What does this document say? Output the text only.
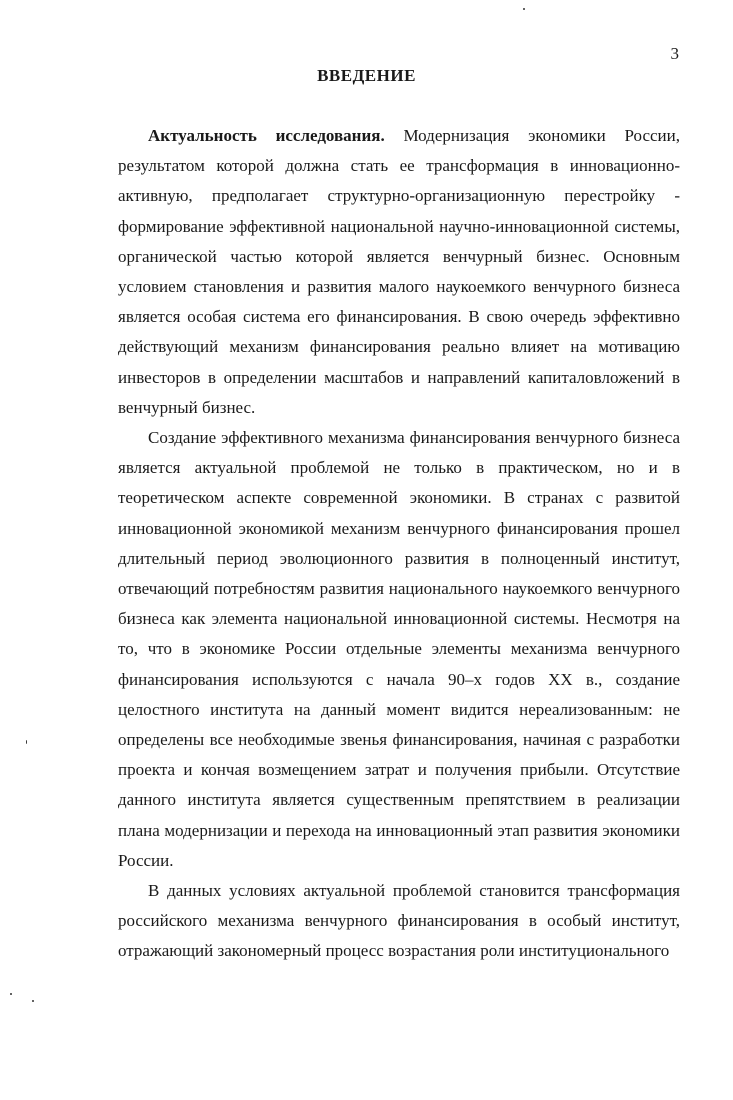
3
ВВЕДЕНИЕ

Актуальность исследования. Модернизация экономики России, результатом которой должна стать ее трансформация в инновационно-активную, предполагает структурно-организационную перестройку - формирование эффективной национальной научно-инновационной системы, органической частью которой является венчурный бизнес. Основным условием становления и развития малого наукоемкого венчурного бизнеса является особая система его финансирования. В свою очередь эффективно действующий механизм финансирования реально влияет на мотивацию инвесторов в определении масштабов и направлений капиталовложений в венчурный бизнес.

Создание эффективного механизма финансирования венчурного бизнеса является актуальной проблемой не только в практическом, но и в теоретическом аспекте современной экономики. В странах с развитой инновационной экономикой механизм венчурного финансирования прошел длительный период эволюционного развития в полноценный институт, отвечающий потребностям развития национального наукоемкого венчурного бизнеса как элемента национальной инновационной системы. Несмотря на то, что в экономике России отдельные элементы механизма венчурного финансирования используются с начала 90–х годов XX в., создание целостного института на данный момент видится нереализованным: не определены все необходимые звенья финансирования, начиная с разработки проекта и кончая возмещением затрат и получения прибыли. Отсутствие данного института является существенным препятствием в реализации плана модернизации и перехода на инновационный этап развития экономики России.

В данных условиях актуальной проблемой становится трансформация российского механизма венчурного финансирования в особый институт, отражающий закономерный процесс возрастания роли институционального
